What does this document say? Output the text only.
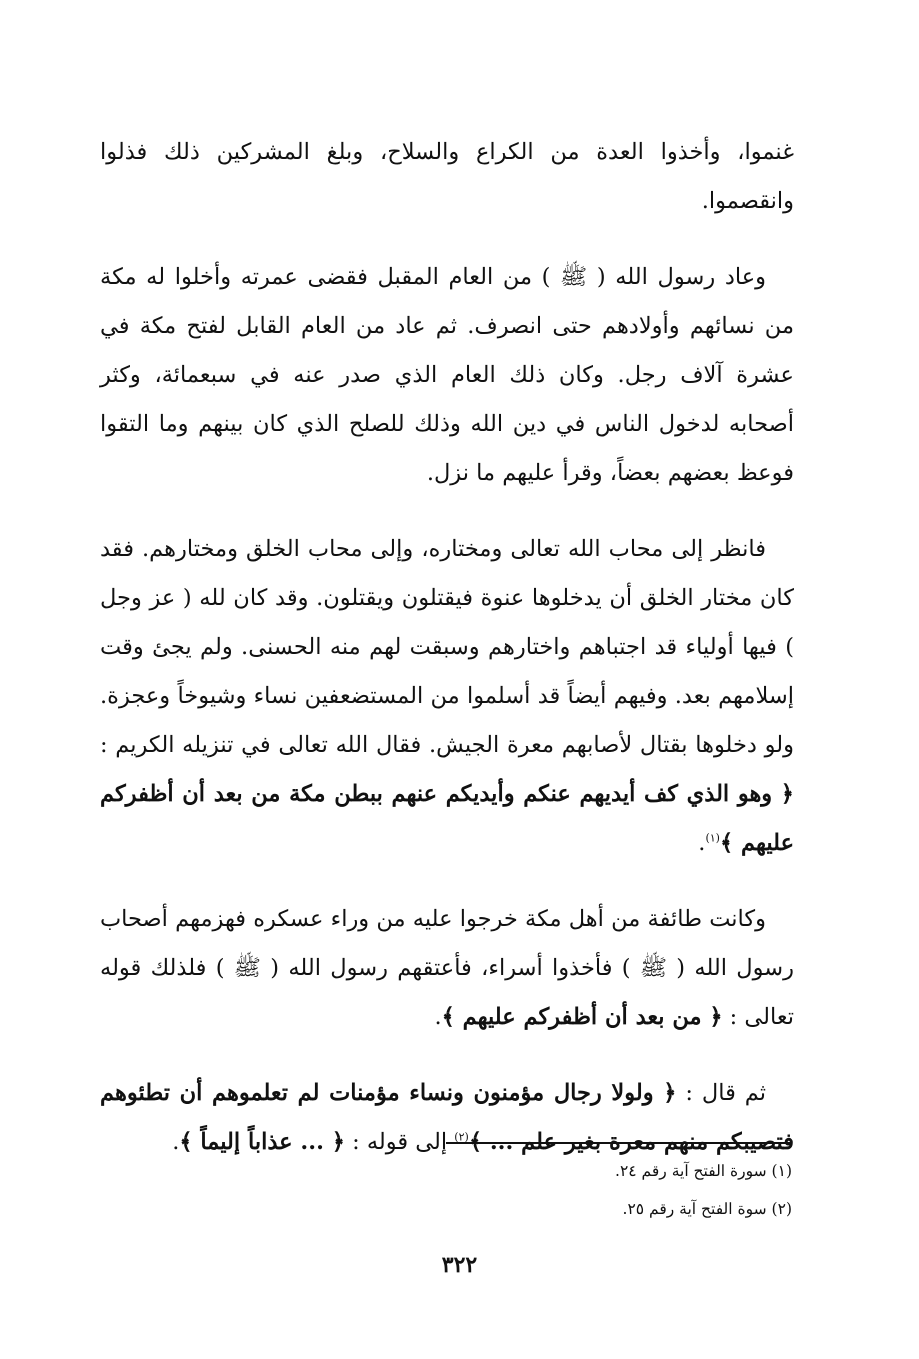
غنموا، وأخذوا العدة من الكراع والسلاح، وبلغ المشركين ذلك فذلوا وانقصموا.

وعاد رسول الله ( ﷺ ) من العام المقبل فقضى عمرته وأخلوا له مكة من نسائهم وأولادهم حتى انصرف. ثم عاد من العام القابل لفتح مكة في عشرة آلاف رجل. وكان ذلك العام الذي صدر عنه في سبعمائة، وكثر أصحابه لدخول الناس في دين الله وذلك للصلح الذي كان بينهم وما التقوا فوعظ بعضهم بعضاً، وقرأ عليهم ما نزل.

فانظر إلى محاب الله تعالى ومختاره، وإلى محاب الخلق ومختارهم. فقد كان مختار الخلق أن يدخلوها عنوة فيقتلون ويقتلون. وقد كان لله ( عز وجل ) فيها أولياء قد اجتباهم واختارهم وسبقت لهم منه الحسنى. ولم يجئ وقت إسلامهم بعد. وفيهم أيضاً قد أسلموا من المستضعفين نساء وشيوخاً وعجزة. ولو دخلوها بقتال لأصابهم معرة الجيش. فقال الله تعالى في تنزيله الكريم : ﴿ وهو الذي كف أيديهم عنكم وأيديكم عنهم ببطن مكة من بعد أن أظفركم عليهم ﴾$^{(١)}$.

وكانت طائفة من أهل مكة خرجوا عليه من وراء عسكره فهزمهم أصحاب رسول الله ( ﷺ ) فأخذوا أسراء، فأعتقهم رسول الله ( ﷺ ) فلذلك قوله تعالى : ﴿ من بعد أن أظفركم عليهم ﴾.

ثم قال : ﴿ ولولا رجال مؤمنون ونساء مؤمنات لم تعلموهم أن تطئوهم فتصيبكم منهم معرة بغير علم ... ﴾$^{(٢)}$ إلى قوله : ﴿ ... عذاباً إليماً ﴾.

(١) سورة الفتح آية رقم ٢٤.

(٢) سوة الفتح آية رقم ٢٥.

٣٢٢
